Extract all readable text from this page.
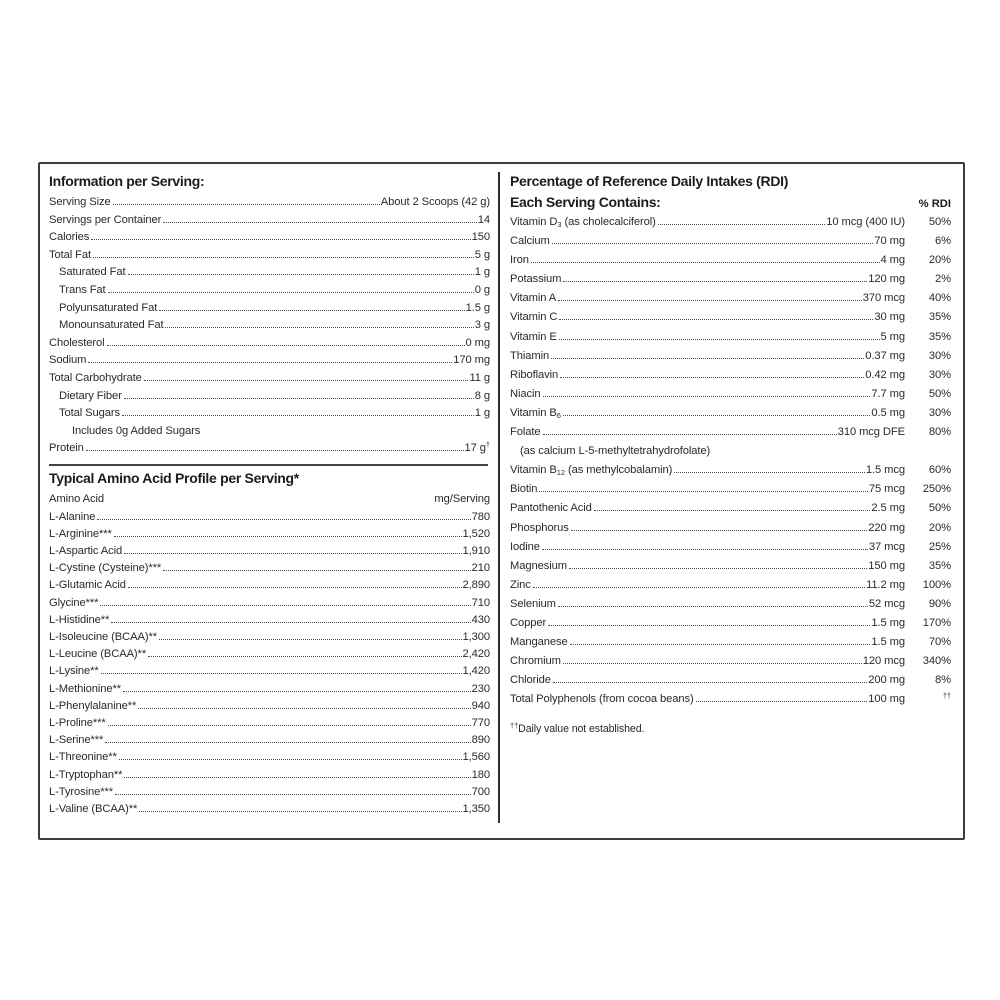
Information per Serving:
Serving Size	About 2 Scoops (42 g)
Servings per Container	14
Calories	150
Total Fat	5 g
Saturated Fat	1 g
Trans Fat	0 g
Polyunsaturated Fat	1.5 g
Monounsaturated Fat	3 g
Cholesterol	0 mg
Sodium	170 mg
Total Carbohydrate	11 g
Dietary Fiber	8 g
Total Sugars	1 g
Includes 0g Added Sugars
Protein	17 g†
Typical Amino Acid Profile per Serving*
Amino Acid	mg/Serving
L-Alanine	780
L-Arginine***	1,520
L-Aspartic Acid	1,910
L-Cystine (Cysteine)***	210
L-Glutamic Acid	2,890
Glycine***	710
L-Histidine**	430
L-Isoleucine (BCAA)**	1,300
L-Leucine (BCAA)**	2,420
L-Lysine**	1,420
L-Methionine**	230
L-Phenylalanine**	940
L-Proline***	770
L-Serine***	890
L-Threonine**	1,560
L-Tryptophan**	180
L-Tyrosine***	700
L-Valine (BCAA)**	1,350
Percentage of Reference Daily Intakes (RDI)
Each Serving Contains:	% RDI
Vitamin $D_3$ (as cholecalciferol)	10 mcg (400 IU)	50%
Calcium	70 mg	6%
Iron	4 mg	20%
Potassium	120 mg	2%
Vitamin A	370 mcg	40%
Vitamin C	30 mg	35%
Vitamin E	5 mg	35%
Thiamin	0.37 mg	30%
Riboflavin	0.42 mg	30%
Niacin	7.7 mg	50%
Vitamin $B_6$	0.5 mg	30%
Folate	310 mcg DFE	80%
(as calcium L-5-methyltetrahydrofolate)
Vitamin $B_{12}$ (as methylcobalamin)	1.5 mcg	60%
Biotin	75 mcg	250%
Pantothenic Acid	2.5 mg	50%
Phosphorus	220 mg	20%
Iodine	37 mcg	25%
Magnesium	150 mg	35%
Zinc	11.2 mg	100%
Selenium	52 mcg	90%
Copper	1.5 mg	170%
Manganese	1.5 mg	70%
Chromium	120 mcg	340%
Chloride	200 mg	8%
Total Polyphenols (from cocoa beans)	100 mg	††
††Daily value not established.
